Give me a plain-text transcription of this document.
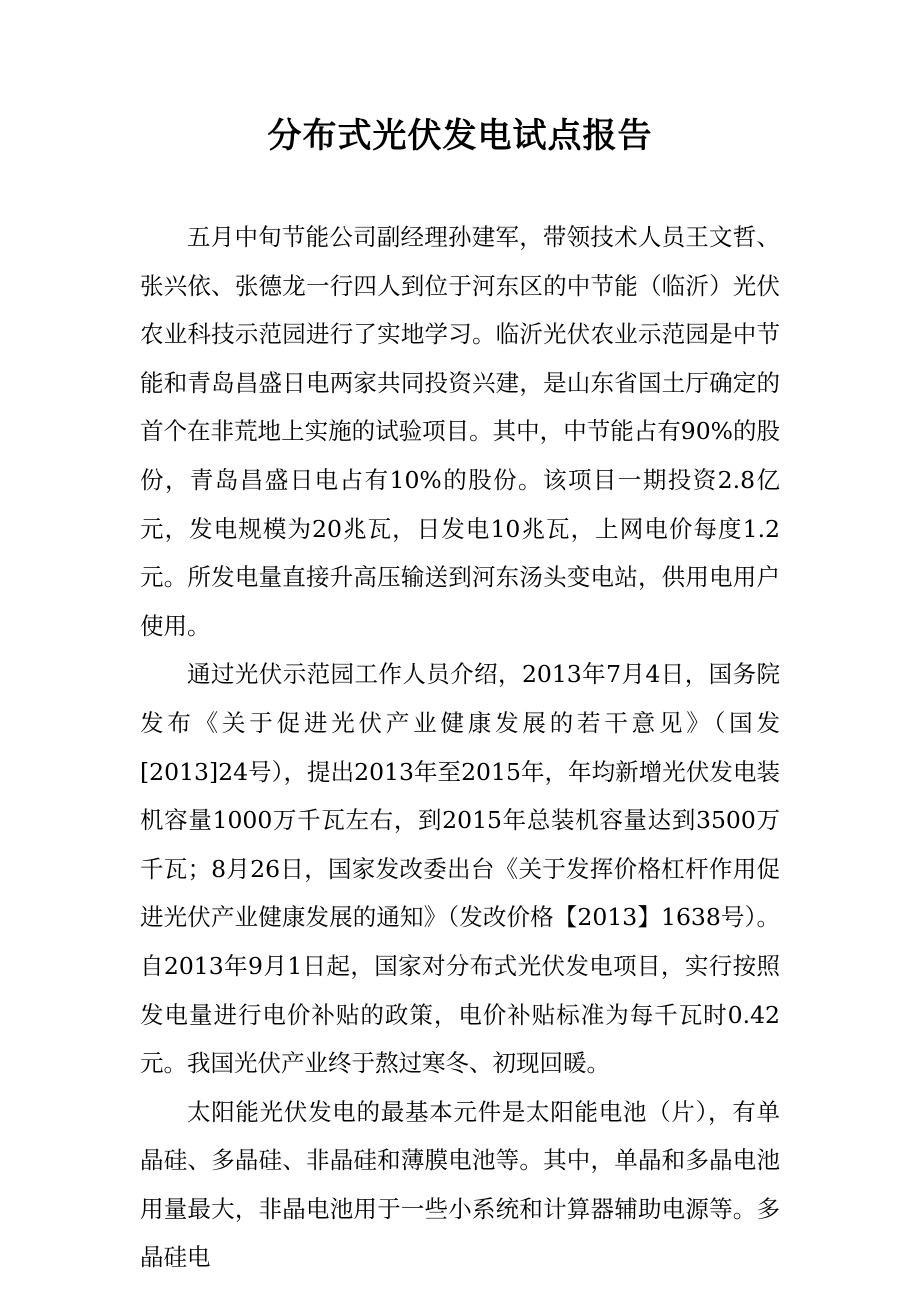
分布式光伏发电试点报告

五月中旬节能公司副经理孙建军，带领技术人员王文哲、张兴依、张德龙一行四人到位于河东区的中节能（临沂）光伏农业科技示范园进行了实地学习。临沂光伏农业示范园是中节能和青岛昌盛日电两家共同投资兴建，是山东省国土厅确定的首个在非荒地上实施的试验项目。其中，中节能占有90%的股份，青岛昌盛日电占有10%的股份。该项目一期投资2.8亿元，发电规模为20兆瓦，日发电10兆瓦，上网电价每度1.2元。所发电量直接升高压输送到河东汤头变电站，供用电用户使用。

通过光伏示范园工作人员介绍，2013年7月4日，国务院发布《关于促进光伏产业健康发展的若干意见》（国发[2013]24号），提出2013年至2015年，年均新增光伏发电装机容量1000万千瓦左右，到2015年总装机容量达到3500万千瓦；8月26日，国家发改委出台《关于发挥价格杠杆作用促进光伏产业健康发展的通知》（发改价格【2013】1638号）。自2013年9月1日起，国家对分布式光伏发电项目，实行按照发电量进行电价补贴的政策，电价补贴标准为每千瓦时0.42元。我国光伏产业终于熬过寒冬、初现回暖。

太阳能光伏发电的最基本元件是太阳能电池（片），有单晶硅、多晶硅、非晶硅和薄膜电池等。其中，单晶和多晶电池用量最大，非晶电池用于一些小系统和计算器辅助电源等。多晶硅电
